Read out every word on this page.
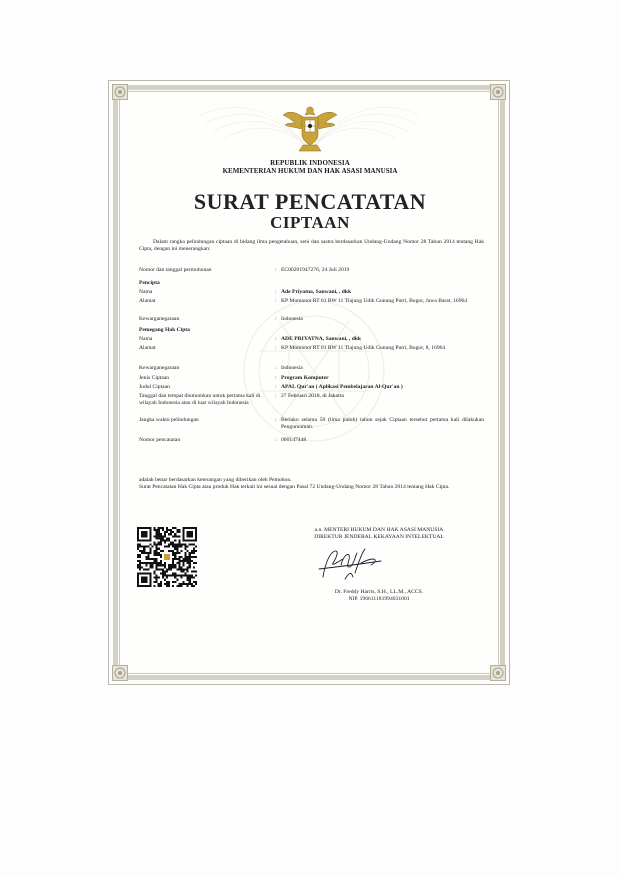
REPUBLIK INDONESIA
KEMENTERIAN HUKUM DAN HAK ASASI MANUSIA
SURAT PENCATATAN
CIPTAAN
Dalam rangka pelindungan ciptaan di bidang ilmu pengetahuan, seni dan sastra berdasarkan Undang-Undang Nomor 28 Tahun 2014 tentang Hak Cipta, dengan ini menerangkan:
Nomor dan tanggal permohonan	: EC00201947276, 24 Juli 2019
Pencipta
Nama	: Ade Priyatna, Sanwani, , dkk
Alamat	: KP Momonot RT 01 RW 11 Tlajung Udik Gunung Putri, Bogor, Jawa Barat, 16964
Kewarganegaraan	: Indonesia
Pemegang Hak Cipta
Nama	: ADE PRIYATNA, Sanwani, , dkk
Alamat	: KP Momonot RT 01 RW 11 Tlajung Udik Gunung Putri, Bogor, 8, 16964
Kewarganegaraan	: Indonesia
Jenis Ciptaan	: Program Komputer
Judul Ciptaan	: APAL Qur'an ( Aplikasi Pembelajaran Al-Qur'an )
Tanggal dan tempat diumumkan untuk pertama kali di wilayah Indonesia atau di luar wilayah Indonesia
: 27 Februari 2018, di Jakarta
Jangka waktu pelindungan	: Berlaku selama 50 (lima puluh) tahun sejak Ciptaan tersebut pertama kali dilakukan Pengumuman.
Nomor pencatatan	: 000147448
adalah benar berdasarkan keterangan yang diberikan oleh Pemohon.
Surat Pencatatan Hak Cipta atau produk Hak terkait ini sesuai dengan Pasal 72 Undang-Undang Nomor 28 Tahun 2014 tentang Hak Cipta.
a.n. MENTERI HUKUM DAN HAK ASASI MANUSIA
DIREKTUR JENDERAL KEKAYAAN INTELEKTUAL
Dr. Freddy Harris, S.H., LL.M., ACCS.
NIP. 196611181994031001
